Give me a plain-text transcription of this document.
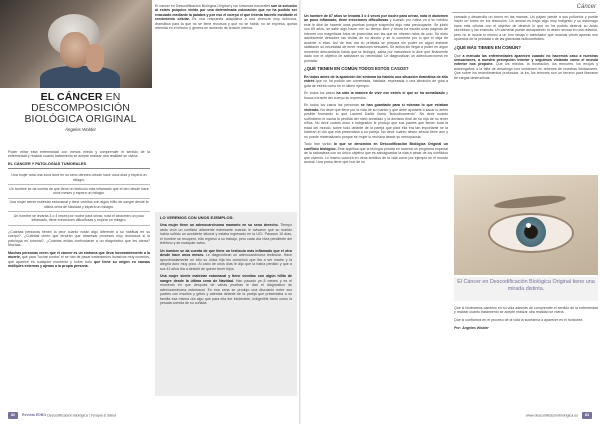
EL CÁNCER EN DESCOMPOSICIÓN BIOLÓGICA ORIGINAL
Ángeles Wolder

Poder mirar esta enfermedad con menos miedo y comprender el sentido de la enfermedad y realizar cuanto tratamiento se acepte realizar otra realidad se viviría.

EL CÁNCER Y PATOLOGÍAS TUMORALES
Una mujer nota una zona dura en su seno derecho desde hace unos días y espera un milagro.
Un hombre se da cuenta de que tiene un testículo más inflamado que el otro desde hace unos meses y espera un milagro.
Una mujer siente malestar estomacal y tiene vómitos con algún hilito de sangre desde la última cena de Navidad y espera un milagro.
Un hombre se levanta 3 o 4 veces por noche para orinar, nota el abdomen un poco inflamado, tiene erecciones dificultosas y espera un milagro.

¿Cuántas personas tienen la peor cuanto notan algo diferente a su habitual en su cuerpo?, ¿Cuántas creen que tendrán que atravesar procesos muy dolorosos si la patología es tumoral?, ¿Cuántas evitan confrontarse a un diagnóstico que les aterra? Muchas...

Muchas personas creen que el cáncer es un síntoma que lleva inexorablemente a la muerte, que para "luchar contra" él se han de pasar tratamientos invasivos muy cruentos, que aparece en cualquier momento y sobre todo que tiene su origen en causas múltiples externas y ajenas a la propia persona.

El cáncer en Descodificación Biológica Original y los síntomas tumorales son la solución al estrés psíquico vivido por una determinada colocación que no ha podido ser evacuado mediante la palabra y por eso el cuerpo el que intenta hacerlo mediante el crecimiento celular. Es una respuesta adaptativa a una vivencia muy dolorosa, dramática para la que no se tiene recursos y que no se habla, no se expresa, queda retenida en el interior y genera un aumento de tensión interna.

LO VEREMOS CON UNOS EJEMPLOS:

Una mujer tiene un adenocarcinoma mamario en su seno derecho. Tiempo atrás vivió un conflicto altamente estresante cuando le avisaron que su marido había sufrido un accidente laboral y estaba ingresado en la UCI. Pasaron 10 días, el hombre se recuperó, ella regresó a su trabajo, pero cada día vivía pendiente del teléfono y de cualquier aviso.

Un hombre se da cuenta de que tiene un testículo más inflamado que el otro desde hace unos meses. Le diagnostican un adenocarcinoma testicular. Hace aproximadamente un año su única hija les comunicó que iba a ser madre y la alegría duró muy poco. Al cabo de unos días le dijo que la había perdido y que a sus 41 años iba a desistir de querer tener hijos.

Una mujer siente malestar estomacal y tiene vómitos con algún hilito de sangre desde la última cena de Navidad. Han pasado ya 8 meses y es el momento en que después de varias pruebas le dan el diagnóstico de adenocarcinoma estomacal. En esa cena se produjo una discusión entre sus padres con insultos y gritos y además delante de la pareja que presentaba a su familia esa misma día algo que para ella fue intolerable, indigerible tanto como la pesada comida de su cuñada.

82 Revista EDBO Descodificación Biológica | Terapia & Salud
Cáncer

Un hombre de 67 años se levanta 3 o 4 veces por noche para orinar, nota el abdomen un poco inflamado, tiene erecciones dificultosas y cuando por rutina va a su médico este le dice de hacerle unas pruebas porque sospecha algo más preocupante. Se jubiló con 65 años, se sabe algo hacer con su tiempo libre y ahora ha escrito unas páginas de Internet con magníficas fotos de jovencitas con las que se ofrecen ratos de ocio. Su nieto adolescente descubre las visitas de su abuelo y se lo comenta por lo que el deja de acceder a ellas. Así de tras día su próstata se prepara sin poder en algún instante satisfacer su necesidad de tener relaciones sexuales. Se activa sin llegar a poder en algún momento descarrilarla hasta que la biología, sabia por naturaleza le dice que finalmente dado con el objetivo de satisfacer su necesidad. Le diagnostican un adenocarcinoma en próstata.

¿QUÉ TIENEN EN COMÚN TODOS ESTOS CASOS?

En todos antes de la aparición del síntoma ha habido una situación dramática de alto estrés que no ha podido ser comentada, hablada, expresada o una situación de gota a gota de estrés como en el último ejemplo.

En todos los casos ha sido la manera de vivir ese estrés el que se ha somatizado y busca a través del cuerpo su expresión.

En todos los casos las personas se han guardado para sí mismas lo que estaban viviendo. No decir que tiene por la vida de su marido y que debe ayudarle a sanar lo antes posible formando lo que Laurent Daillie llama "lechodicamento". No decir cuánto sufrimiento le causa la pérdida del nieto anhelado y la decisión final de su hija de no tener niños. No decir cuánto dolor e indigestión le produjo que sus padres que tienen toda la edad del mundo, sobre todo delante de la pareja que para ella era tan importante se la hicieran el día que ella presentaba a su pareja. No decir cuánto deseo sexual tiene aún y no puede materializarlo porque se mujer lo rechaza desde su menopausia.

Todo han vivido lo que se denomina en Descodificación Biológica Original un conflicto biológico. Este significa que la biología pondrá en marcha un programa especial de la naturaleza con un único objetivo que es salvaguardar la vida a pesar de los conflictos que vivimos. Lo mismo ocurrirá en otros ámbitos de la vida como por ejemplo en el mundo animal. Una presa tiene que huir de su

camada y desarrolla un tumor en las mamas. Un pájaro pierde a sus polluelos y puede hacer un tumor en los testículos. Un animal es tragó algo muy indigesto y su estómago hace más células con el objetivo de destruir lo que no ha podido destruir su ácido clorhídrico y las enzimas. Un carnerial puede desaparecer el deseo sexual en una relación, pero no le ocurre lo mismo a un toro rebajo o calentador que muchas veces apenas son opuestos de la próstata o de las glándulas bulbouretrales.

¿QUÉ MÁS TIENEN EN COMÚN?

Que a menudo las enfermedades aparecen cuando no hacemos caso a nuestras sensaciones, a nuestra percepción interior y seguimos violando como el mundo exterior nos propone. Que los miedos, la frustración, los rencores, los enojos y autoengaños o la falta de desahogo nos condenen en rehenes de nuestras limitaciones. Que sobre los resentimientos profundos, la ira, los temores son un terreno para liberarse de cargas destructivas.

El Cáncer en Descodificación Biológica Original tiene una mirada distinta.

Que si hiciéramos cambios en su vida además de comprender el sentido de la enfermedad y realizar cuanto tratamiento se acepte realizar otra realidad se viviría.

Que si confiamos en el proceso de la vida la sucedería a aparecer en el horizonte.

Por: Ángeles Wolder

www.descodificacionbiologica.es 83
